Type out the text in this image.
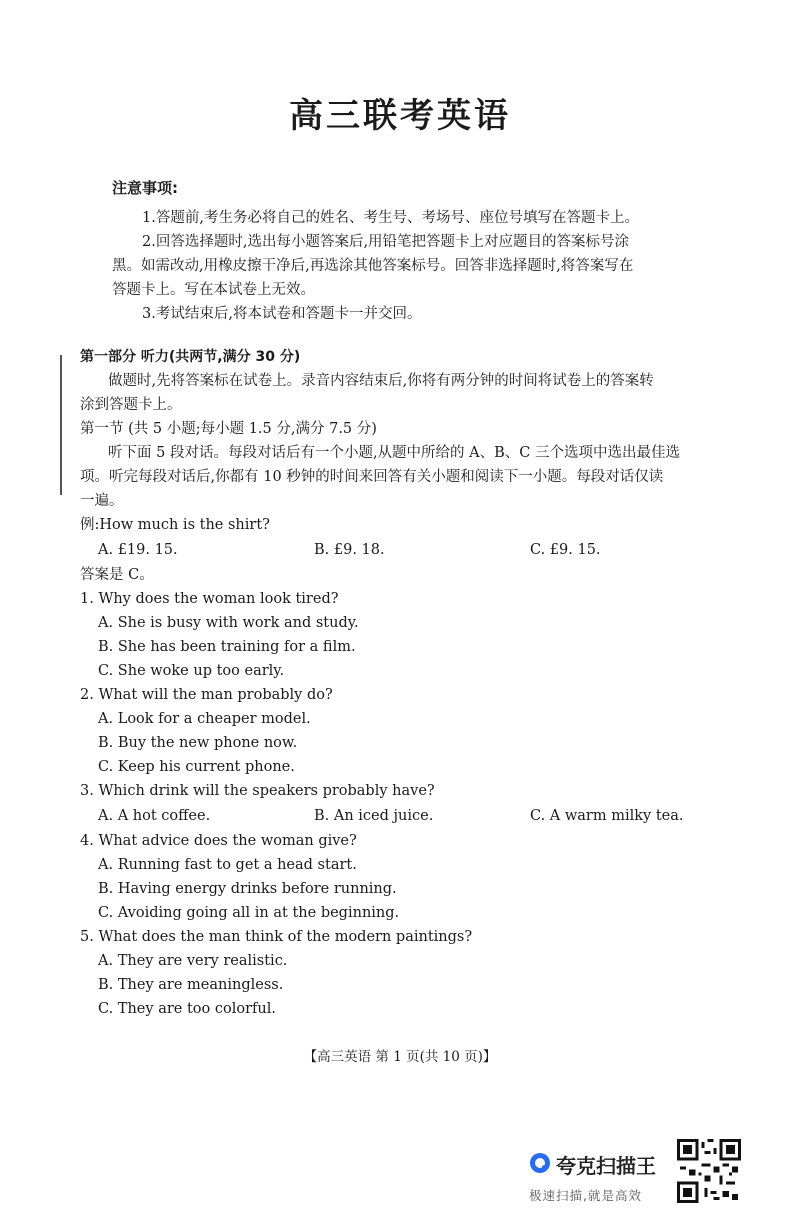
高三联考英语
注意事项:

1.答题前,考生务必将自己的姓名、考生号、考场号、座位号填写在答题卡上。

2.回答选择题时,选出每小题答案后,用铅笔把答题卡上对应题目的答案标号涂

黑。如需改动,用橡皮擦干净后,再选涂其他答案标号。回答非选择题时,将答案写在

答题卡上。写在本试卷上无效。

3.考试结束后,将本试卷和答题卡一并交回。

第一部分 听力(共两节,满分 30 分)

做题时,先将答案标在试卷上。录音内容结束后,你将有两分钟的时间将试卷上的答案转

涂到答题卡上。

第一节 (共 5 小题;每小题 1.5 分,满分 7.5 分)

听下面 5 段对话。每段对话后有一个小题,从题中所给的 A、B、C 三个选项中选出最佳选

项。听完每段对话后,你都有 10 秒钟的时间来回答有关小题和阅读下一小题。每段对话仅读

一遍。

例:How much is the shirt?
A. £19. 15.	B. £9. 18.	C. £9. 15.
答案是 C。
1. Why does the woman look tired?
A. She is busy with work and study.
B. She has been training for a film.
C. She woke up too early.
2. What will the man probably do?
A. Look for a cheaper model.
B. Buy the new phone now.
C. Keep his current phone.
3. Which drink will the speakers probably have?
A. A hot coffee.	B. An iced juice.	C. A warm milky tea.
4. What advice does the woman give?
A. Running fast to get a head start.
B. Having energy drinks before running.
C. Avoiding going all in at the beginning.
5. What does the man think of the modern paintings?
A. They are very realistic.
B. They are meaningless.
C. They are too colorful.
【高三英语 第 1 页(共 10 页)】
夸克扫描王
极速扫描,就是高效
